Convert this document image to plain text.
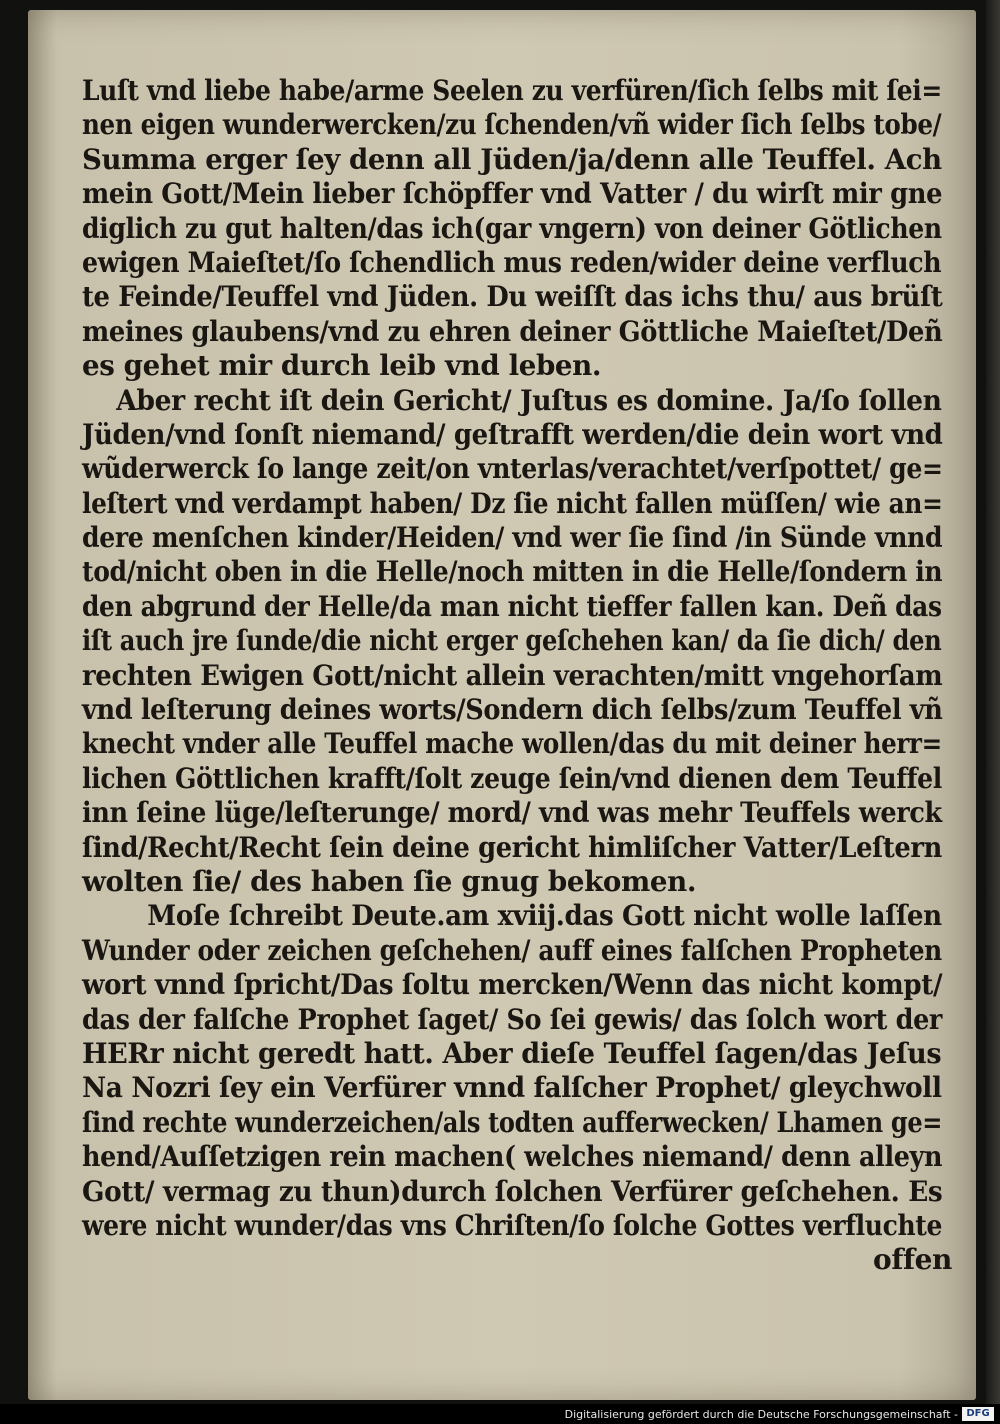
Luſt vnd liebe habe/arme Seelen zu verfüren/ſich ſelbs mit ſei=
nen eigen wunderwercken/zu ſchenden/vñ wider ſich ſelbs tobe/
Summa erger ſey denn all Jüden/ja/denn alle Teuffel. Ach
mein Gott/Mein lieber ſchöpffer vnd Vatter / du wirſt mir gne
diglich zu gut halten/das ich(gar vngern) von deiner Götlichen
ewigen Maieſtet/ſo ſchendlich mus reden/wider deine verfluch
te Feinde/Teuffel vnd Jüden. Du weiſſt das ichs thu/ aus brüſt
meines glaubens/vnd zu ehren deiner Göttliche Maieſtet/Deñ
es gehet mir durch leib vnd leben.
Aber recht iſt dein Gericht/ Juſtus es domine. Ja/ſo ſollen
Jüden/vnd ſonſt niemand/ geſtrafft werden/die dein wort vnd
wũderwerck ſo lange zeit/on vnterlas/verachtet/verſpottet/ ge=
leſtert vnd verdampt haben/ Dz ſie nicht fallen müſſen/ wie an=
dere menſchen kinder/Heiden/ vnd wer ſie ſind /in Sünde vnnd
tod/nicht oben in die Helle/noch mitten in die Helle/ſondern in
den abgrund der Helle/da man nicht tieffer fallen kan. Deñ das
iſt auch jre ſunde/die nicht erger geſchehen kan/ da ſie dich/ den
rechten Ewigen Gott/nicht allein verachten/mitt vngehorſam
vnd leſterung deines worts/Sondern dich ſelbs/zum Teuffel vñ
knecht vnder alle Teuffel mache wollen/das du mit deiner herr=
lichen Göttlichen krafft/ſolt zeuge ſein/vnd dienen dem Teuffel
inn ſeine lüge/leſterunge/ mord/ vnd was mehr Teuffels werck
ſind/Recht/Recht ſein deine gericht himliſcher Vatter/Leſtern
wolten ſie/ des haben ſie gnug bekomen.
Moſe ſchreibt Deute.am xviij.das Gott nicht wolle laſſen
Wunder oder zeichen geſchehen/ auff eines falſchen Propheten
wort vnnd ſpricht/Das ſoltu mercken/Wenn das nicht kompt/
das der falſche Prophet ſaget/ So ſei gewis/ das ſolch wort der
HERr nicht geredt hatt. Aber dieſe Teuffel ſagen/das Jeſus
Na Nozri ſey ein Verfürer vnnd falſcher Prophet/ gleychwoll
ſind rechte wunderzeichen/als todten aufferwecken/ Lhamen ge=
hend/Auſſetzigen rein machen( welches niemand/ denn alleyn
Gott/ vermag zu thun)durch ſolchen Verfürer geſchehen. Es
were nicht wunder/das vns Chriſten/ſo ſolche Gottes verfluchte
offen
Digitalisierung gefördert durch die Deutsche Forschungsgemeinschaft - DFG
